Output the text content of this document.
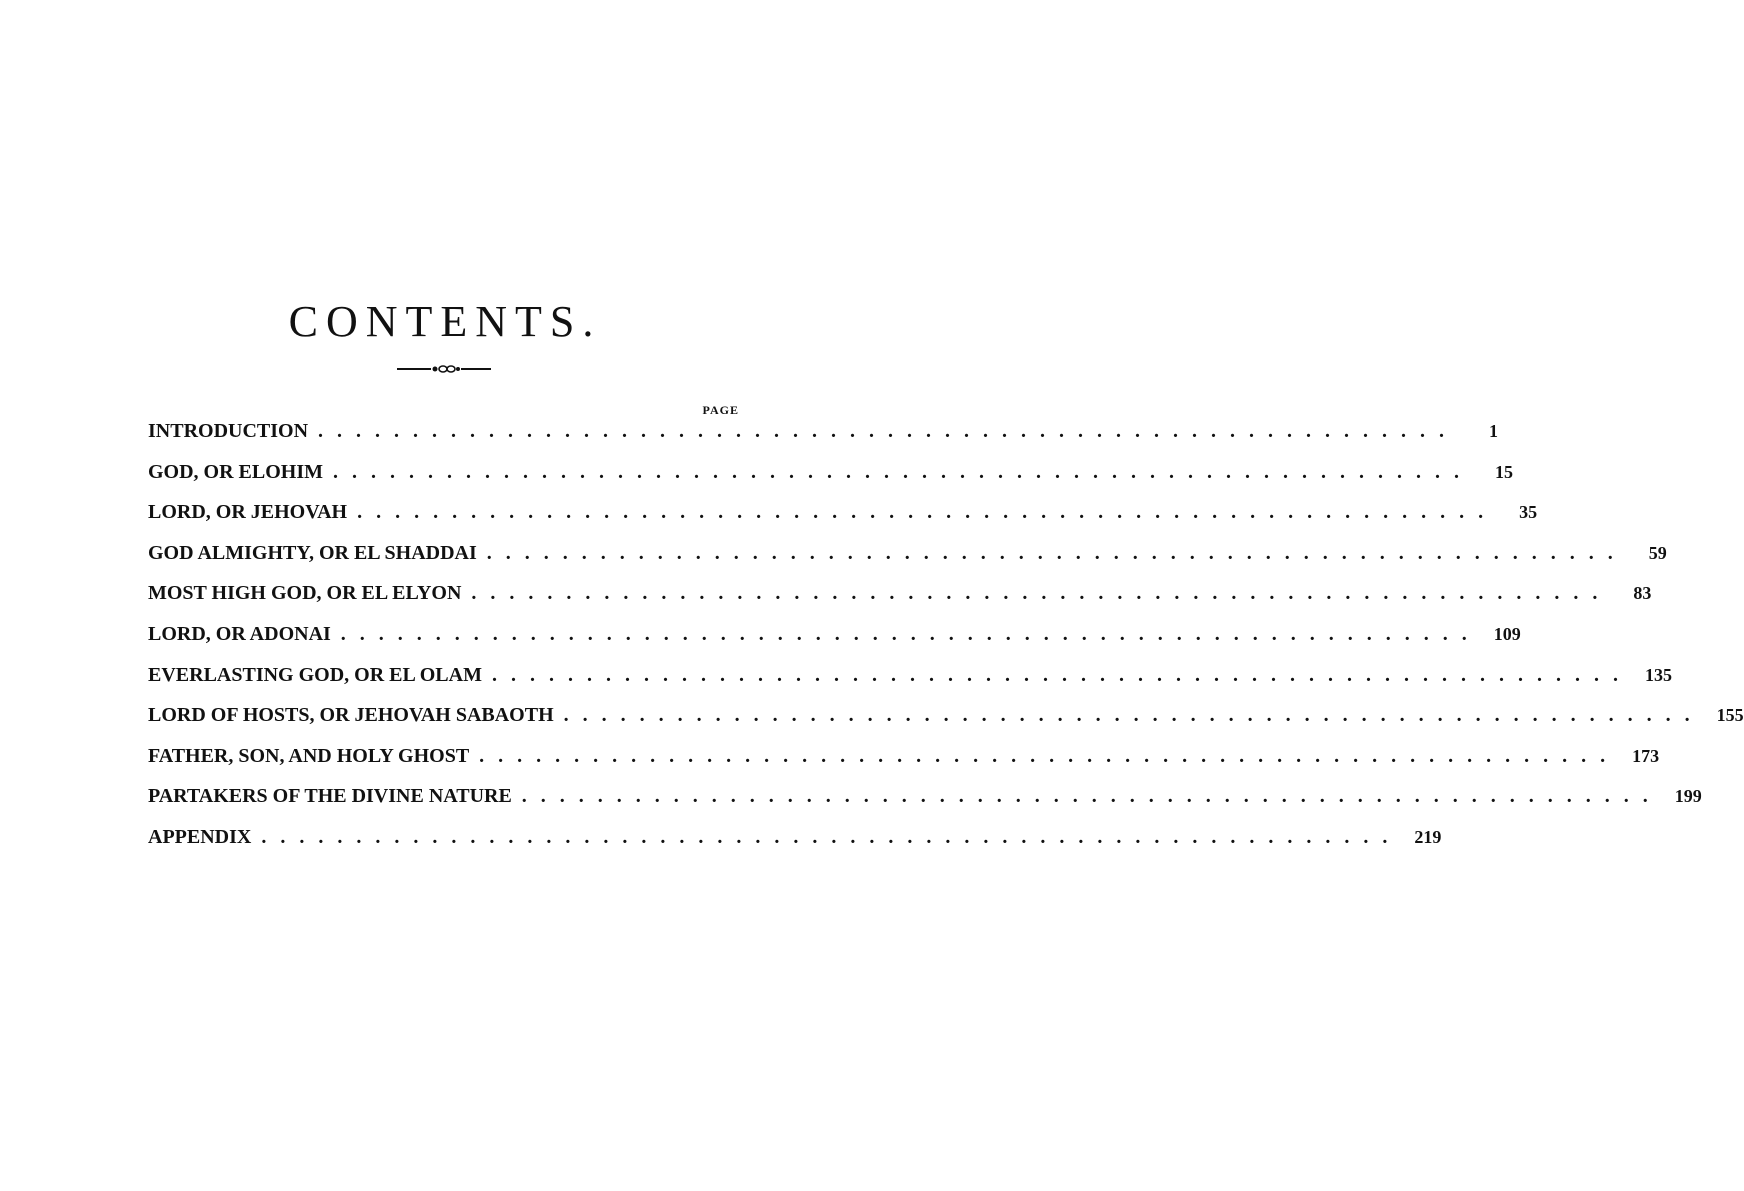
CONTENTS.
PAGE
INTRODUCTION ............................................................	1
GOD, OR ELOHIM ............................................................	15
LORD, OR JEHOVAH ............................................................	35
GOD ALMIGHTY, OR EL SHADDAI ............................................................	59
MOST HIGH GOD, OR EL ELYON ............................................................	83
LORD, OR ADONAI ............................................................ 109
EVERLASTING GOD, OR EL OLAM ............................................................ 135
LORD OF HOSTS, OR JEHOVAH SABAOTH ............................................................ 155
FATHER, SON, AND HOLY GHOST ............................................................ 173
PARTAKERS OF THE DIVINE NATURE ............................................................ 199
APPENDIX ............................................................ 219
